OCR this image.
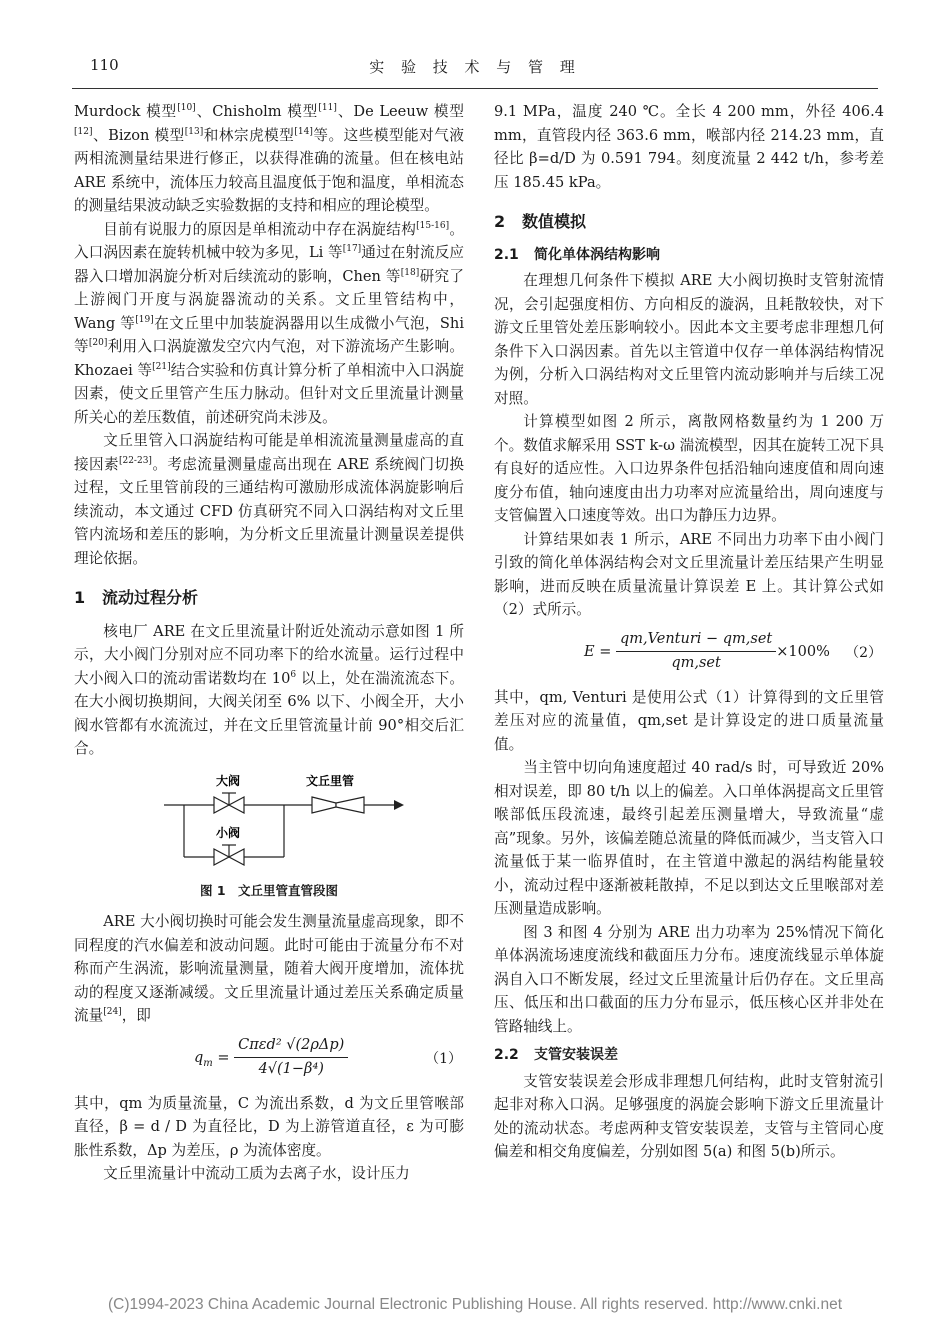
110	实 验 技 术 与 管 理

Murdock 模型[10]、Chisholm 模型[11]、De Leeuw 模型[12]、Bizon 模型[13]和林宗虎模型[14]等。这些模型能对气液两相流测量结果进行修正，以获得准确的流量。但在核电站 ARE 系统中，流体压力较高且温度低于饱和温度，单相流态的测量结果波动缺乏实验数据的支持和相应的理论模型。

目前有说服力的原因是单相流动中存在涡旋结构[15-16]。入口涡因素在旋转机械中较为多见，Li 等[17]通过在射流反应器入口增加涡旋分析对后续流动的影响，Chen 等[18]研究了上游阀门开度与涡旋器流动的关系。文丘里管结构中，Wang 等[19]在文丘里中加装旋涡器用以生成微小气泡，Shi 等[20]利用入口涡旋激发空穴内气泡，对下游流场产生影响。Khozaei 等[21]结合实验和仿真计算分析了单相流中入口涡旋因素，使文丘里管产生压力脉动。但针对文丘里流量计测量所关心的差压数值，前述研究尚未涉及。

文丘里管入口涡旋结构可能是单相流流量测量虚高的直接因素[22-23]。考虑流量测量虚高出现在 ARE 系统阀门切换过程，文丘里管前段的三通结构可激励形成流体涡旋影响后续流动，本文通过 CFD 仿真研究不同入口涡结构对文丘里管内流场和差压的影响，为分析文丘里流量计测量误差提供理论依据。

1 流动过程分析

核电厂 ARE 在文丘里流量计附近处流动示意如图 1 所示，大小阀门分别对应不同功率下的给水流量。运行过程中大小阀入口的流动雷诺数均在 $10^6$ 以上，处在湍流流态下。在大小阀切换期间，大阀关闭至 6% 以下、小阀全开，大小阀水管都有水流流过，并在文丘里管流量计前 90°相交后汇合。

大阀	文丘里管
小阀
图 1　文丘里管直管段图

ARE 大小阀切换时可能会发生测量流量虚高现象，即不同程度的汽水偏差和波动问题。此时可能由于流量分布不对称而产生涡流，影响流量测量，随着大阀开度增加，流体扰动的程度又逐渐减缓。文丘里流量计通过差压关系确定质量流量[24]，即

$q_m = \frac{\text{Cπεd² √(2ρΔp)}}{\text{4√(1−β⁴)}}$	（1）

其中，qm 为质量流量，C 为流出系数，d 为文丘里管喉部直径，β = d / D 为直径比，D 为上游管道直径，ε 为可膨胀性系数，Δp 为差压，ρ 为流体密度。

文丘里流量计中流动工质为去离子水，设计压力

9.1 MPa，温度 240 ℃。全长 4 200 mm，外径 406.4 mm，直管段内径 363.6 mm，喉部内径 214.23 mm，直径比 β=d/D 为 0.591 794。刻度流量 2 442 t/h，参考差压 185.45 kPa。

2 数值模拟
2.1 简化单体涡结构影响

在理想几何条件下模拟 ARE 大小阀切换时支管射流情况，会引起强度相仿、方向相反的漩涡，且耗散较快，对下游文丘里管处差压影响较小。因此本文主要考虑非理想几何条件下入口涡因素。首先以主管道中仅存一单体涡结构情况为例，分析入口涡结构对文丘里管内流动影响并与后续工况对照。

计算模型如图 2 所示，离散网格数量约为 1 200 万个。数值求解采用 SST k-ω 湍流模型，因其在旋转工况下具有良好的适应性。入口边界条件包括沿轴向速度值和周向速度分布值，轴向速度由出力功率对应流量给出，周向速度与支管偏置入口速度等效。出口为静压力边界。

计算结果如表 1 所示，ARE 不同出力功率下由小阀门引致的简化单体涡结构会对文丘里流量计差压结果产生明显影响，进而反映在质量流量计算误差 E 上。其计算公式如（2）式所示。

$E = \frac{\text{qm,Venturi − qm,set}}{\text{qm,set}} \times 100\%$ （2）

其中，qm, Venturi 是使用公式（1）计算得到的文丘里管差压对应的流量值，qm,set 是计算设定的进口质量流量值。

当主管中切向角速度超过 40 rad/s 时，可导致近 20%相对误差，即 80 t/h 以上的偏差。入口单体涡提高文丘里管喉部低压段流速，最终引起差压测量增大，导致流量“虚高”现象。另外，该偏差随总流量的降低而减少，当支管入口流量低于某一临界值时，在主管道中激起的涡结构能量较小，流动过程中逐渐被耗散掉，不足以到达文丘里喉部对差压测量造成影响。

图 3 和图 4 分别为 ARE 出力功率为 25%情况下简化单体涡流场速度流线和截面压力分布。速度流线显示单体旋涡自入口不断发展，经过文丘里流量计后仍存在。文丘里高压、低压和出口截面的压力分布显示，低压核心区并非处在管路轴线上。

2.2 支管安装误差

支管安装误差会形成非理想几何结构，此时支管射流引起非对称入口涡。足够强度的涡旋会影响下游文丘里流量计处的流动状态。考虑两种支管安装误差，支管与主管同心度偏差和相交角度偏差，分别如图 5(a) 和图 5(b)所示。

(C)1994-2023 China Academic Journal Electronic Publishing House. All rights reserved. http://www.cnki.net
